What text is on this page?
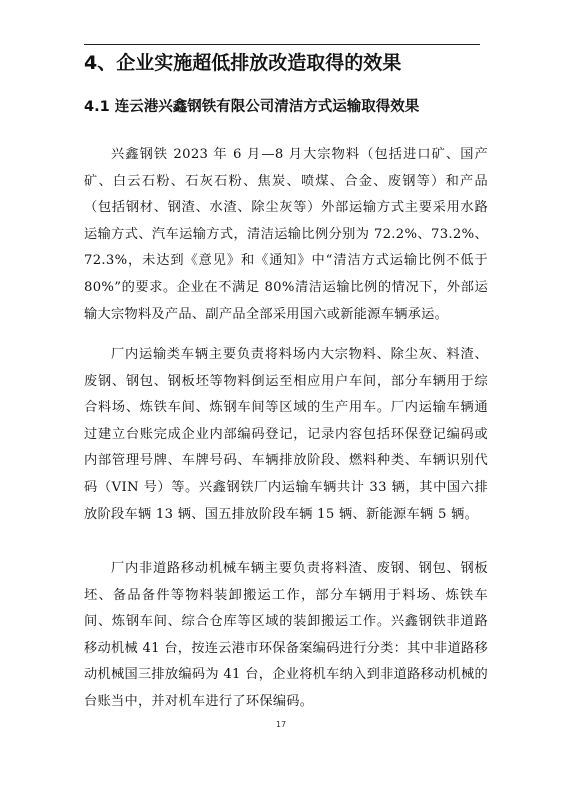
4、企业实施超低排放改造取得的效果
4.1 连云港兴鑫钢铁有限公司清洁方式运输取得效果

兴鑫钢铁 2023 年 6 月—8 月大宗物料（包括进口矿、国产矿、白云石粉、石灰石粉、焦炭、喷煤、合金、废钢等）和产品（包括钢材、钢渣、水渣、除尘灰等）外部运输方式主要采用水路运输方式、汽车运输方式，清洁运输比例分别为 72.2%、73.2%、72.3%，未达到《意见》和《通知》中“清洁方式运输比例不低于 80%”的要求。企业在不满足 80%清洁运输比例的情况下，外部运输大宗物料及产品、副产品全部采用国六或新能源车辆承运。

厂内运输类车辆主要负责将料场内大宗物料、除尘灰、料渣、废钢、钢包、钢板坯等物料倒运至相应用户车间，部分车辆用于综合料场、炼铁车间、炼钢车间等区域的生产用车。厂内运输车辆通过建立台账完成企业内部编码登记，记录内容包括环保登记编码或内部管理号牌、车牌号码、车辆排放阶段、燃料种类、车辆识别代码（VIN 号）等。兴鑫钢铁厂内运输车辆共计 33 辆，其中国六排放阶段车辆 13 辆、国五排放阶段车辆 15 辆、新能源车辆 5 辆。

厂内非道路移动机械车辆主要负责将料渣、废钢、钢包、钢板坯、备品备件等物料装卸搬运工作，部分车辆用于料场、炼铁车间、炼钢车间、综合仓库等区域的装卸搬运工作。兴鑫钢铁非道路移动机械 41 台，按连云港市环保备案编码进行分类：其中非道路移动机械国三排放编码为 41 台，企业将机车纳入到非道路移动机械的台账当中，并对机车进行了环保编码。

17
